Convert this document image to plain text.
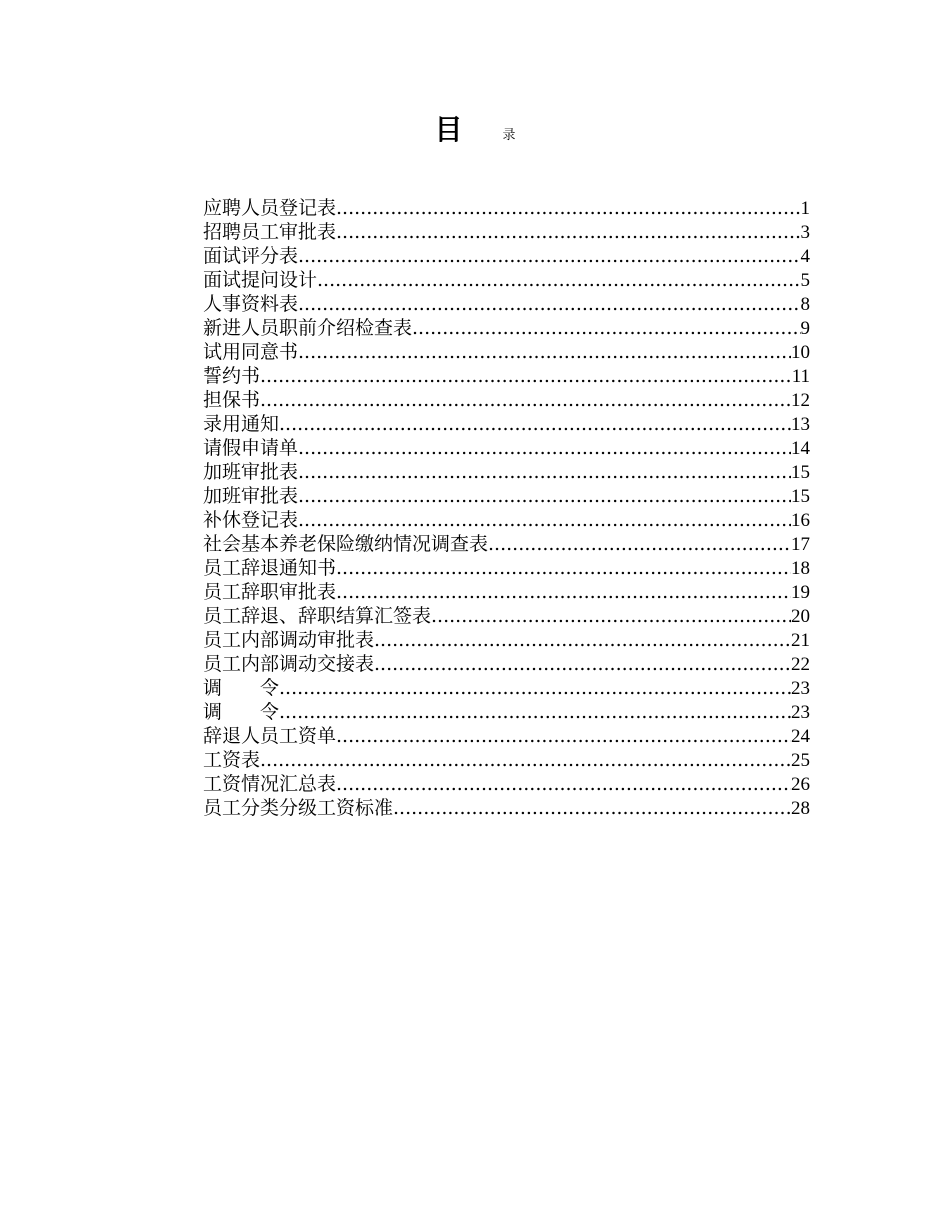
目	录
应聘人员登记表 .....	1
招聘员工审批表 .....	3
面试评分表 .....	4
面试提问设计 .....	5
人事资料表 .....	8
新进人员职前介绍检查表 .....	9
试用同意书 .....	10
誓约书 .....	11
担保书 .....	12
录用通知 .....	13
请假申请单 .....	14
加班审批表 .....	15
加班审批表 .....	15
补休登记表 .....	16
社会基本养老保险缴纳情况调查表 .....	17
员工辞退通知书 .....	18
员工辞职审批表 .....	19
员工辞退、辞职结算汇签表 .....	20
员工内部调动审批表 .....	21
员工内部调动交接表 .....	22
调　　令 .....	23
调　　令 .....	23
辞退人员工资单 .....	24
工资表 .....	25
工资情况汇总表 .....	26
员工分类分级工资标准 .....	28
